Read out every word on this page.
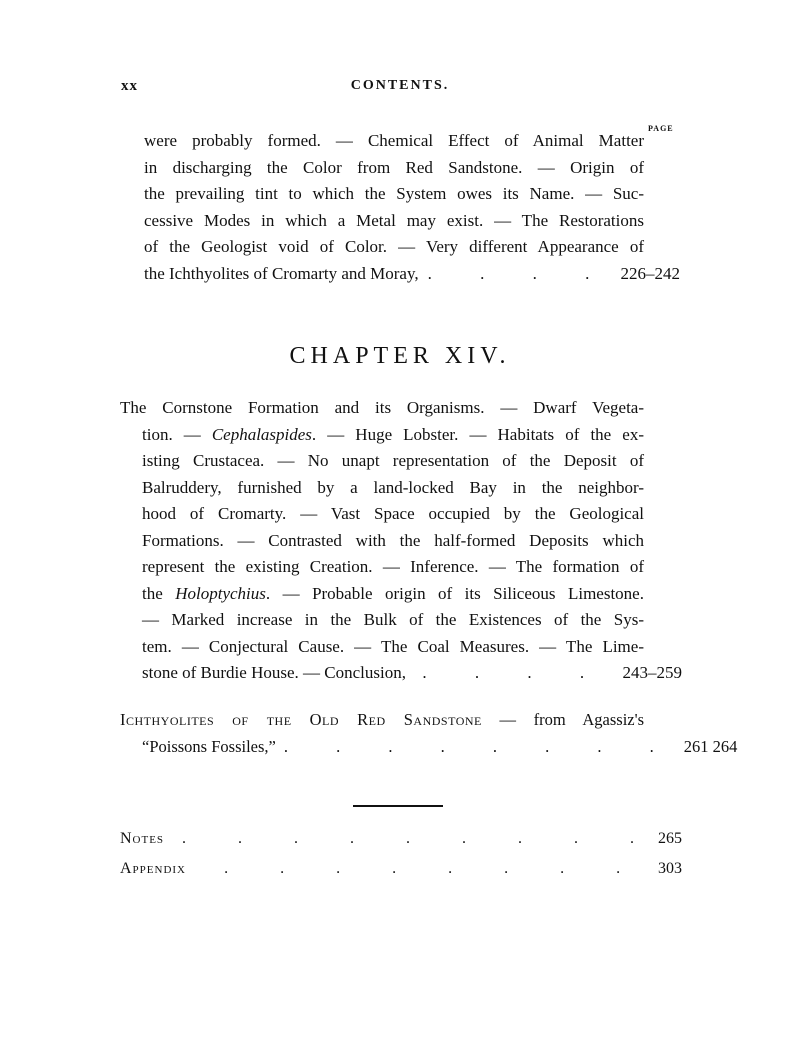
xx	CONTENTS.
PAGE
were probably formed. — Chemical Effect of Animal Matter
in discharging the Color from Red Sandstone. — Origin of
the prevailing tint to which the System owes its Name. — Suc-
cessive Modes in which a Metal may exist. — The Restorations
of the Geologist void of Color. — Very different Appearance of
the Ichthyolites of Cromarty and Moray, . . . . 226–242
CHAPTER XIV.
The Cornstone Formation and its Organisms. — Dwarf Vegeta-
tion. — Cephalaspides. — Huge Lobster. — Habitats of the ex-
isting Crustacea. — No unapt representation of the Deposit of
Balruddery, furnished by a land-locked Bay in the neighbor-
hood of Cromarty. — Vast Space occupied by the Geological
Formations. — Contrasted with the half-formed Deposits which
represent the existing Creation. — Inference. — The formation of
the Holoptychius. — Probable origin of its Siliceous Limestone.
— Marked increase in the Bulk of the Existences of the Sys-
tem. — Conjectural Cause. — The Coal Measures. — The Lime-
stone of Burdie House. — Conclusion, . . . . 243–259
Ichthyolites of the Old Red Sandstone — from Agassiz's
“Poissons Fossiles,” . . . . . . . . 261 264
Notes	. . . . . . . . . 265
Appendix	. . . . . . . . 303
